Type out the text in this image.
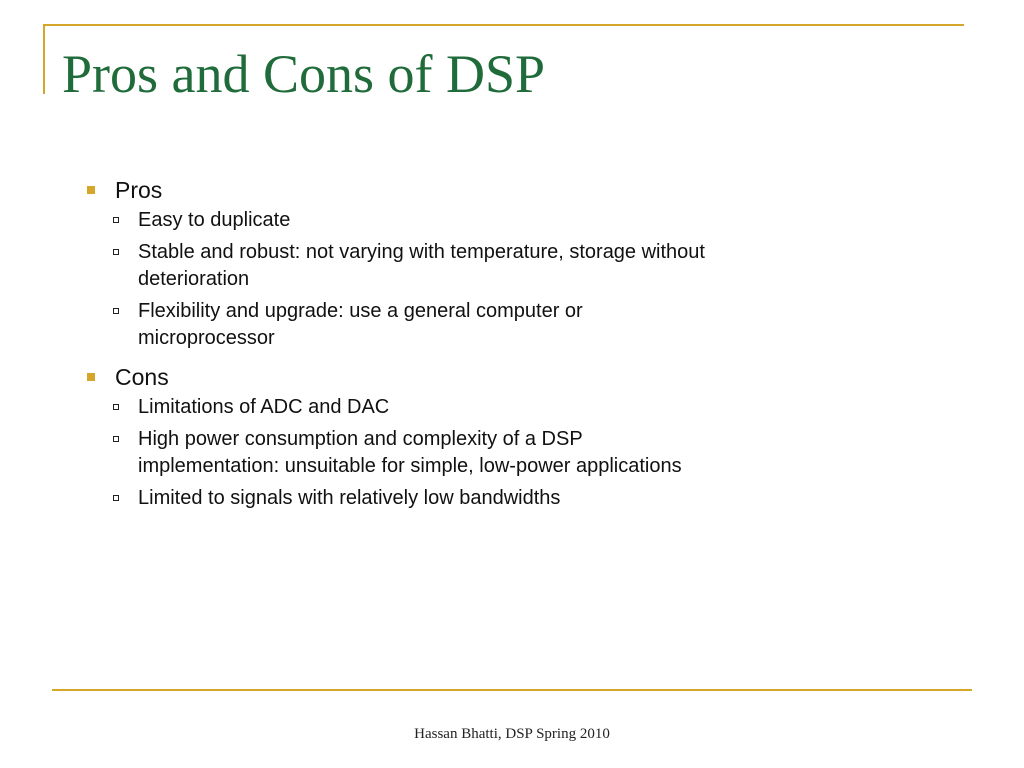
Pros and Cons of DSP
Pros
Easy to duplicate
Stable and robust: not varying with temperature, storage without deterioration
Flexibility and upgrade: use a general computer or microprocessor
Cons
Limitations of ADC and DAC
High power consumption and complexity of a DSP implementation: unsuitable for simple, low-power applications
Limited to signals with relatively low bandwidths
Hassan Bhatti, DSP Spring 2010
